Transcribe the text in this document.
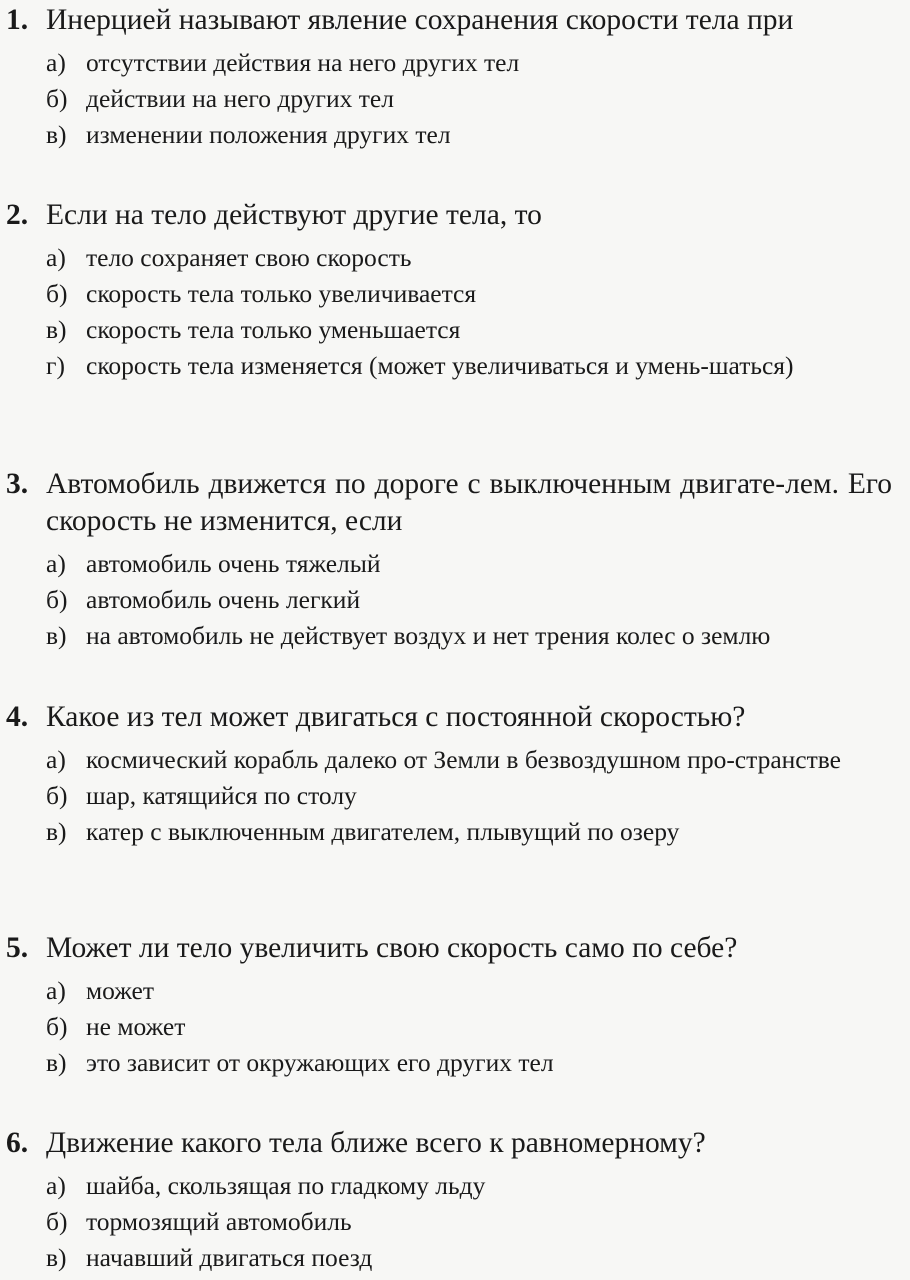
1. Инерцией называют явление сохранения скорости тела при
а) отсутствии действия на него других тел
б) действии на него других тел
в) изменении положения других тел
2. Если на тело действуют другие тела, то
а) тело сохраняет свою скорость
б) скорость тела только увеличивается
в) скорость тела только уменьшается
г) скорость тела изменяется (может увеличиваться и умень-шаться)
3. Автомобиль движется по дороге с выключенным двигате-лем. Его скорость не изменится, если
а) автомобиль очень тяжелый
б) автомобиль очень легкий
в) на автомобиль не действует воздух и нет трения колес о землю
4. Какое из тел может двигаться с постоянной скоростью?
а) космический корабль далеко от Земли в безвоздушном про-странстве
б) шар, катящийся по столу
в) катер с выключенным двигателем, плывущий по озеру
5. Может ли тело увеличить свою скорость само по себе?
а) может
б) не может
в) это зависит от окружающих его других тел
6. Движение какого тела ближе всего к равномерному?
а) шайба, скользящая по гладкому льду
б) тормозящий автомобиль
в) начавший двигаться поезд
